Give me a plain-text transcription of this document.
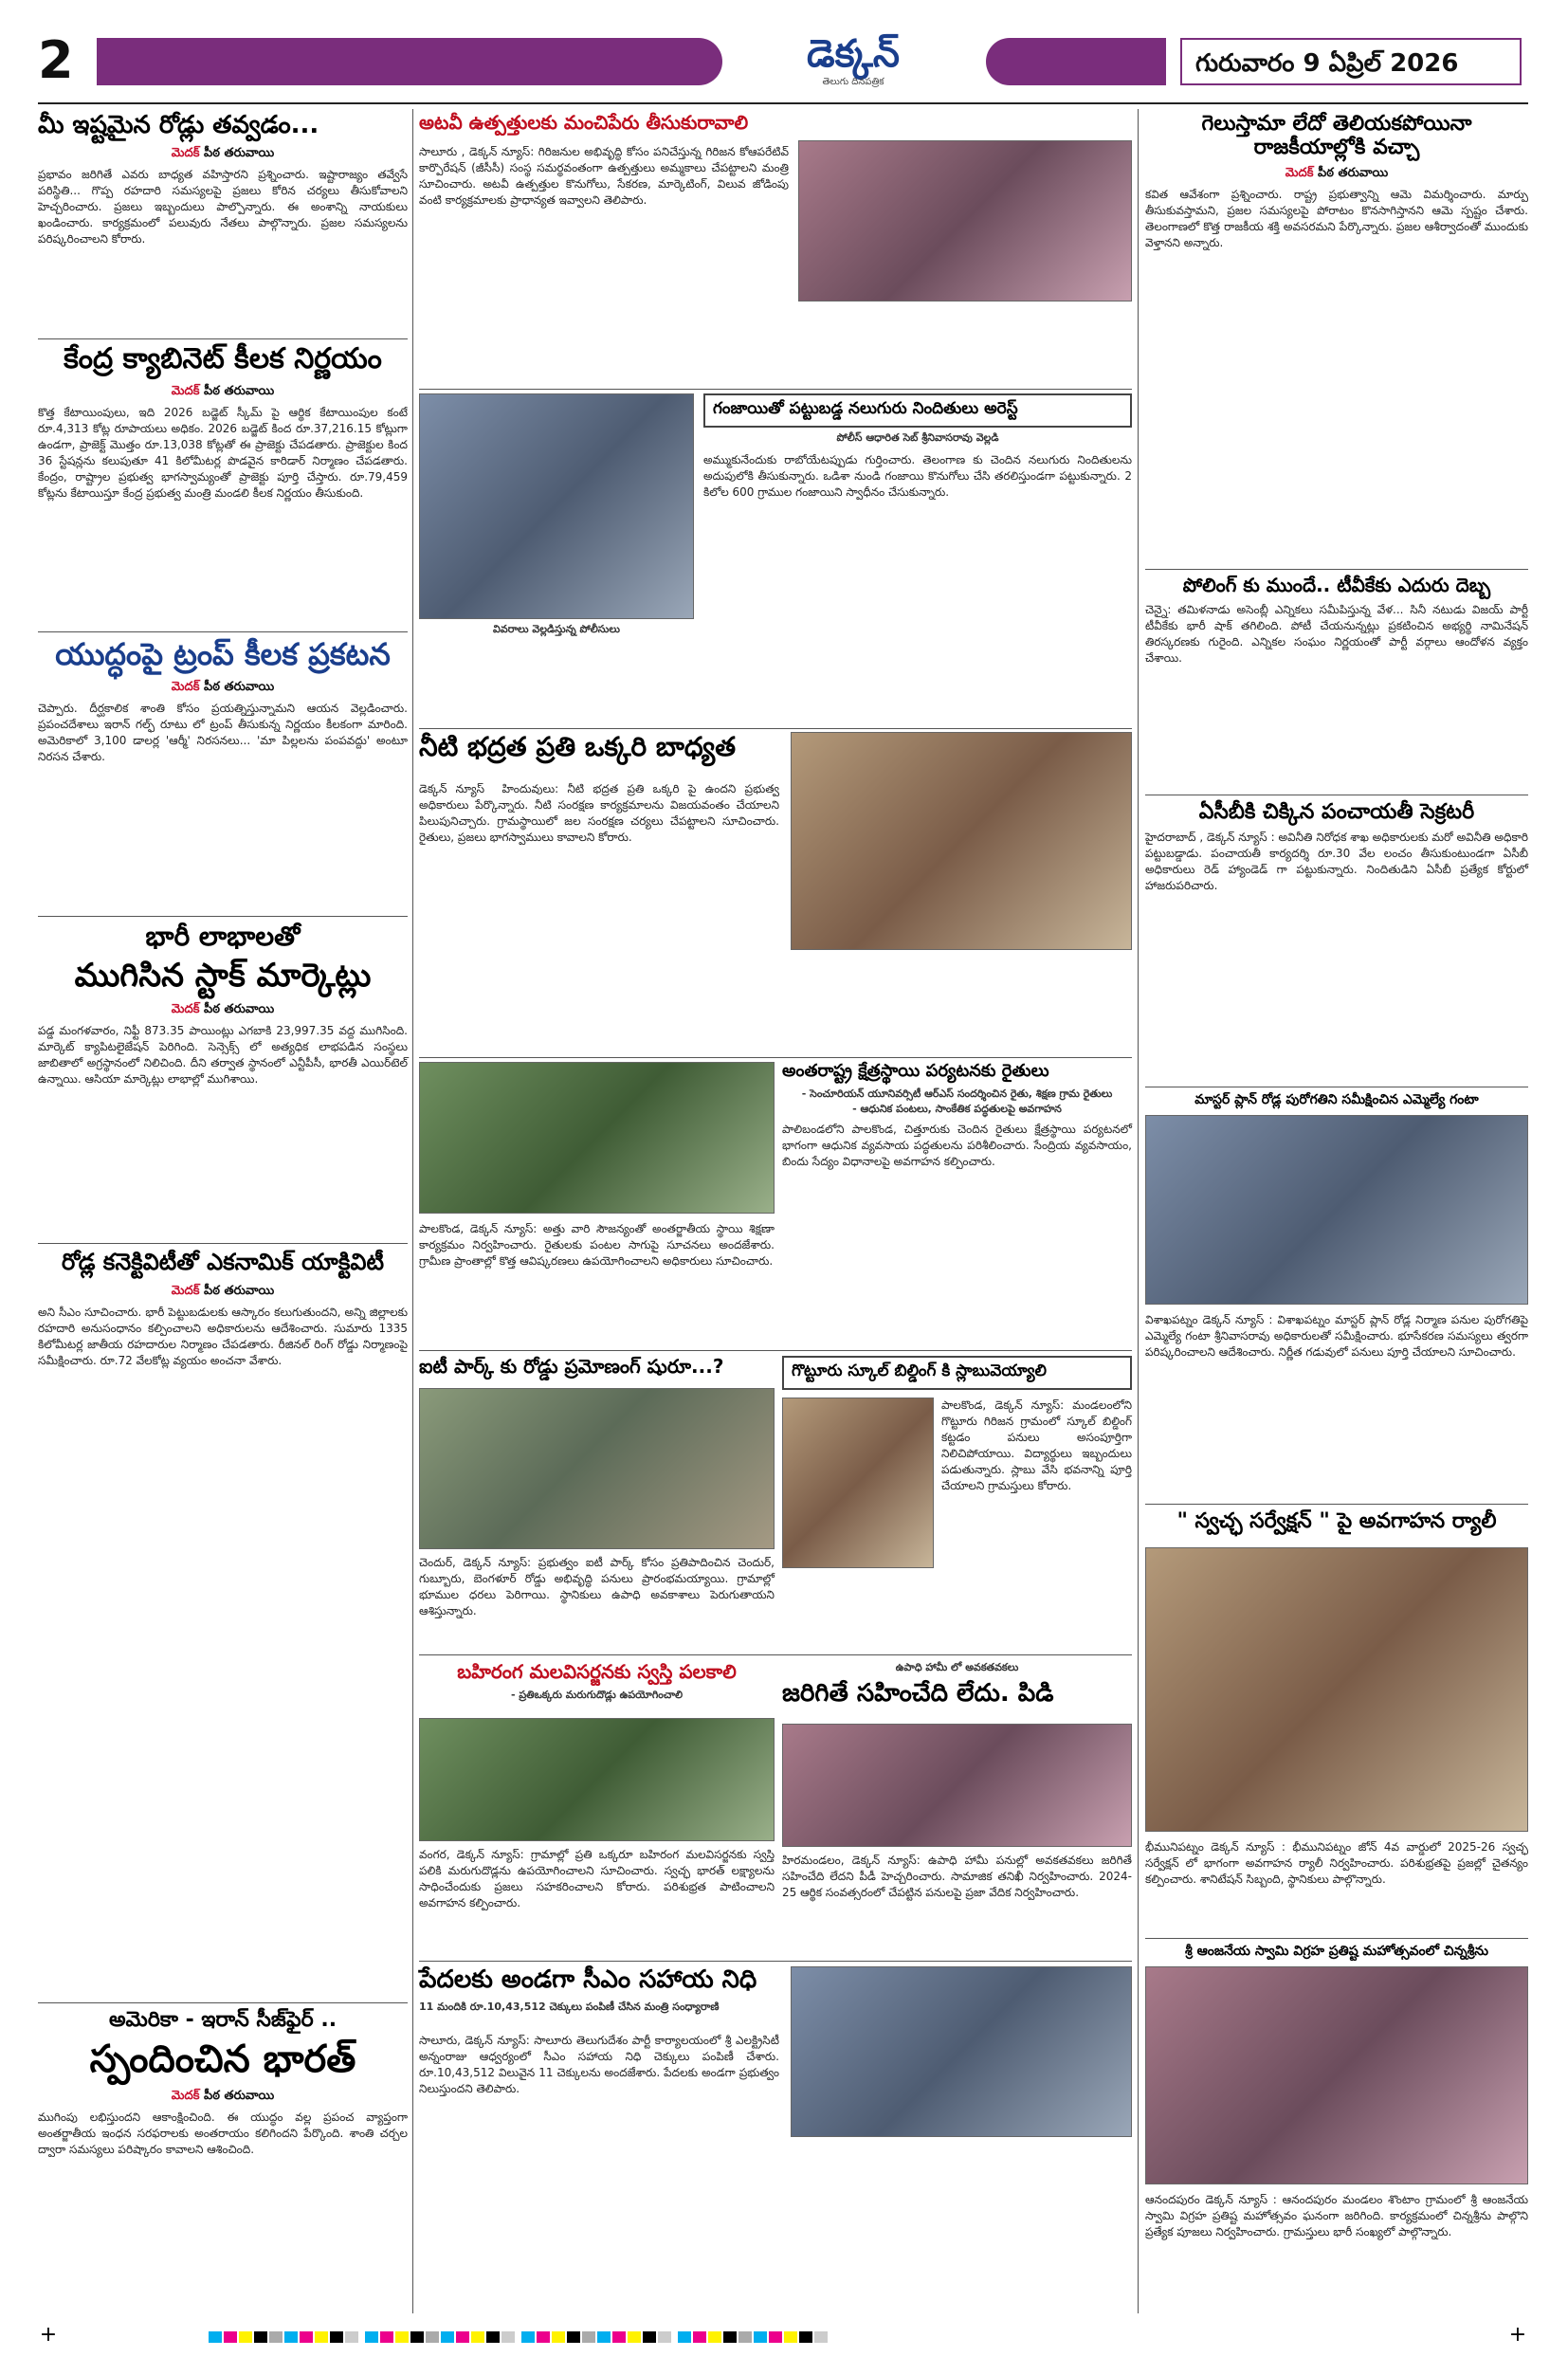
2	డెక్కన్
తెలుగు దినపత్రిక
గురువారం 9 ఏప్రిల్ 2026
మీ ఇష్టమైన రోడ్లు తవ్వడం...
మెదక్ పీఠ తరువాయి
ప్రభావం జరిగితే ఎవరు బాధ్యత వహిస్తారని ప్రశ్నించారు. ఇష్టారాజ్యం తవ్వేసే పరిస్థితి... గొప్ప రహదారి సమస్యలపై ప్రజలు కోరిన చర్యలు తీసుకోవాలని హెచ్చరించారు. ప్రజలు ఇబ్బందులు పాల్పొన్నారు. ఈ అంశాన్ని నాయకులు ఖండించారు. కార్యక్రమంలో పలువురు నేతలు పాల్గొన్నారు. ప్రజల సమస్యలను పరిష్కరించాలని కోరారు.
కేంద్ర క్యాబినెట్ కీలక నిర్ణయం
మెదక్ పీఠ తరువాయి
కొత్త కేటాయింపులు, ఇది 2026 బడ్జెట్ స్కీమ్ పై ఆర్థిక కేటాయింపుల కంటే రూ.4,313 కోట్ల రూపాయలు అధికం. 2026 బడ్జెట్ కింద రూ.37,216.15 కోట్లుగా ఉండగా, ప్రాజెక్ట్ మొత్తం రూ.13,038 కోట్లతో ఈ ప్రాజెక్టు చేపడతారు. ప్రాజెక్టుల కింద 36 స్టేషన్లను కలుపుతూ 41 కిలోమీటర్ల పొడవైన కారిడార్ నిర్మాణం చేపడతారు. కేంద్రం, రాష్ట్రాల ప్రభుత్వ భాగస్వామ్యంతో ప్రాజెక్టు పూర్తి చేస్తారు. రూ.79,459 కోట్లను కేటాయిస్తూ కేంద్ర ప్రభుత్వ మంత్రి మండలి కీలక నిర్ణయం తీసుకుంది.
యుద్ధంపై ట్రంప్ కీలక ప్రకటన
మెదక్ పీఠ తరువాయి
చెప్పారు. దీర్ఘకాలిక శాంతి కోసం ప్రయత్నిస్తున్నామని ఆయన వెల్లడించారు. ప్రపంచదేశాలు ఇరాన్ గల్ఫ్ రూటు లో ట్రంప్ తీసుకున్న నిర్ణయం కీలకంగా మారింది. అమెరికాలో 3,100 డాలర్ల 'ఆర్మీ' నిరసనలు... 'మా పిల్లలను పంపవద్దు' అంటూ నిరసన చేశారు.
భారీ లాభాలతో
ముగిసిన స్టాక్ మార్కెట్లు
మెదక్ పీఠ తరువాయి
పడ్డ మంగళవారం, నిఫ్టీ 873.35 పాయింట్లు ఎగబాకి 23,997.35 వద్ద ముగిసింది. మార్కెట్ క్యాపిటలైజేషన్ పెరిగింది. సెన్సెక్స్ లో అత్యధిక లాభపడిన సంస్థలు జాబితాలో అగ్రస్థానంలో నిలిచింది. దీని తర్వాత స్థానంలో ఎన్టీపీసీ, భారతీ ఎయిర్‌టెల్ ఉన్నాయి. ఆసియా మార్కెట్లు లాభాల్లో ముగిశాయి.
రోడ్ల కనెక్టివిటీతో ఎకనామిక్ యాక్టివిటీ
మెదక్ పీఠ తరువాయి
అని సీఎం సూచించారు. భారీ పెట్టుబడులకు ఆస్కారం కలుగుతుందని, అన్ని జిల్లాలకు రహదారి అనుసంధానం కల్పించాలని అధికారులను ఆదేశించారు. సుమారు 1335 కిలోమీటర్ల జాతీయ రహదారుల నిర్మాణం చేపడతారు. రీజినల్ రింగ్ రోడ్డు నిర్మాణంపై సమీక్షించారు. రూ.72 వేలకోట్ల వ్యయం అంచనా వేశారు.
అమెరికా - ఇరాన్ సీజ్‌ఫైర్ ..
స్పందించిన భారత్
మెదక్ పీఠ తరువాయి
ముగింపు లభిస్తుందని ఆకాంక్షించింది. ఈ యుద్ధం వల్ల ప్రపంచ వ్యాప్తంగా అంతర్జాతీయ ఇంధన సరఫరాలకు అంతరాయం కలిగిందని పేర్కొంది. శాంతి చర్చల ద్వారా సమస్యలు పరిష్కారం కావాలని ఆశించింది.
అటవీ ఉత్పత్తులకు మంచిపేరు తీసుకురావాలి
సాలూరు , డెక్కన్ న్యూస్: గిరిజనుల అభివృద్ధి కోసం పనిచేస్తున్న గిరిజన కోఆపరేటివ్ కార్పొరేషన్ (జీసీసీ) సంస్థ సమర్థవంతంగా ఉత్పత్తులు అమ్మకాలు చేపట్టాలని మంత్రి సూచించారు. అటవీ ఉత్పత్తుల కొనుగోలు, సేకరణ, మార్కెటింగ్, విలువ జోడింపు వంటి కార్యక్రమాలకు ప్రాధాన్యత ఇవ్వాలని తెలిపారు.
వివరాలు వెల్లడిస్తున్న పోలీసులు
గంజాయితో పట్టుబడ్డ నలుగురు నిందితులు అరెస్ట్
పోలీస్ ఆధారిత సెబ్ శ్రీనివాసరావు వెల్లడి
అమ్ముకునేందుకు రాబోయేటప్పుడు గుర్తించారు. తెలంగాణ కు చెందిన నలుగురు నిందితులను అదుపులోకి తీసుకున్నారు. ఒడిశా నుండి గంజాయి కొనుగోలు చేసి తరలిస్తుండగా పట్టుకున్నారు. 2 కిలోల 600 గ్రాముల గంజాయిని స్వాధీనం చేసుకున్నారు.
నీటి భద్రత ప్రతి ఒక్కరి బాధ్యత
డెక్కన్ న్యూస్ ‌ హిందువులు: నీటి భద్రత ప్రతి ఒక్కరి పై ఉందని ప్రభుత్వ అధికారులు పేర్కొన్నారు. నీటి సంరక్షణ కార్యక్రమాలను విజయవంతం చేయాలని పిలుపునిచ్చారు. గ్రామస్థాయిలో జల సంరక్షణ చర్యలు చేపట్టాలని సూచించారు. రైతులు, ప్రజలు భాగస్వాములు కావాలని కోరారు.
పాలకొండ, డెక్కన్ న్యూస్: అత్తు వారి సౌజన్యంతో అంతర్జాతీయ స్థాయి శిక్షణా కార్యక్రమం నిర్వహించారు. రైతులకు పంటల సాగుపై సూచనలు అందజేశారు. గ్రామీణ ప్రాంతాల్లో కొత్త ఆవిష్కరణలు ఉపయోగించాలని అధికారులు సూచించారు.
అంతరాష్ట్ర క్షేత్రస్థాయి పర్యటనకు రైతులు
- సెంచూరియన్ యూనివర్సిటీ ఆర్ఎస్ సందర్శించిన రైతు, శిక్షణ గ్రామ రైతులు
- ఆధునిక పంటలు, సాంకేతిక పద్ధతులపై అవగాహన
పాలిబండలోని పాలకొండ, చిత్తూరుకు చెందిన రైతులు క్షేత్రస్థాయి పర్యటనలో భాగంగా ఆధునిక వ్యవసాయ పద్ధతులను పరిశీలించారు. సేంద్రియ వ్యవసాయం, బిందు సేద్యం విధానాలపై అవగాహన కల్పించారు.
ఐటీ పార్క్ కు రోడ్డు ప్రమోణంగ్ షురూ...?
చెందుర్, డెక్కన్ న్యూస్: ప్రభుత్వం ఐటీ పార్క్ కోసం ప్రతిపాదించిన చెందుర్, గుబ్బూరు, బెంగళూర్ రోడ్డు అభివృద్ధి పనులు ప్రారంభమయ్యాయి. గ్రామాల్లో భూముల ధరలు పెరిగాయి. స్థానికులు ఉపాధి అవకాశాలు పెరుగుతాయని ఆశిస్తున్నారు.
గొట్టూరు స్కూల్ బిల్డింగ్ కి స్లాబువెయ్యాలి
పాలకొండ, డెక్కన్ న్యూస్: మండలంలోని గొట్టూరు గిరిజన గ్రామంలో స్కూల్ బిల్డింగ్ కట్టడం పనులు అసంపూర్తిగా నిలిచిపోయాయి. విద్యార్థులు ఇబ్బందులు పడుతున్నారు. స్లాబు వేసి భవనాన్ని పూర్తి చేయాలని గ్రామస్తులు కోరారు.
బహిరంగ మలవిసర్జనకు స్వస్తి పలకాలి
- ప్రతిఒక్కరు మరుగుదొడ్లు ఉపయోగించాలి
వంగర, డెక్కన్ న్యూస్: గ్రామాల్లో ప్రతి ఒక్కరూ బహిరంగ మలవిసర్జనకు స్వస్తి పలికి మరుగుదొడ్లను ఉపయోగించాలని సూచించారు. స్వచ్ఛ భారత్ లక్ష్యాలను సాధించేందుకు ప్రజలు సహకరించాలని కోరారు. పరిశుభ్రత పాటించాలని అవగాహన కల్పించారు.
ఉపాధి హామీ లో అవకతవకలు
జరిగితే సహించేది లేదు. పిడి
హిరమండలం, డెక్కన్ న్యూస్: ఉపాధి హామీ పనుల్లో అవకతవకలు జరిగితే సహించేది లేదని పీడీ హెచ్చరించారు. సామాజిక తనిఖీ నిర్వహించారు. 2024-25 ఆర్థిక సంవత్సరంలో చేపట్టిన పనులపై ప్రజా వేదిక నిర్వహించారు.
పేదలకు అండగా సీఎం సహాయ నిధి
11 మందికి రూ.10,43,512 చెక్కులు పంపిణీ చేసిన మంత్రి సంధ్యారాణి
సాలూరు, డెక్కన్ న్యూస్: సాలూరు తెలుగుదేశం పార్టీ కార్యాలయంలో శ్రీ ఎలక్ట్రిసిటీ అన్నంరాజు ఆధ్వర్యంలో సీఎం సహాయ నిధి చెక్కులు పంపిణీ చేశారు. రూ.10,43,512 విలువైన 11 చెక్కులను అందజేశారు. పేదలకు అండగా ప్రభుత్వం నిలుస్తుందని తెలిపారు.
గెలుస్తామా లేదో తెలియకపోయినా
రాజకీయాల్లోకి వచ్చా
మెదక్ పీఠ తరువాయి
కవిత ఆవేశంగా ప్రశ్నించారు. రాష్ట్ర ప్రభుత్వాన్ని ఆమె విమర్శించారు. మార్పు తీసుకువస్తామని, ప్రజల సమస్యలపై పోరాటం కొనసాగిస్తానని ఆమె స్పష్టం చేశారు. తెలంగాణలో కొత్త రాజకీయ శక్తి అవసరమని పేర్కొన్నారు. ప్రజల ఆశీర్వాదంతో ముందుకు వెళ్తానని అన్నారు.
పోలింగ్ కు ముందే.. టీవీకేకు ఎదురు దెబ్బ
చెన్నై: తమిళనాడు అసెంబ్లీ ఎన్నికలు సమీపిస్తున్న వేళ... సినీ నటుడు విజయ్ పార్టీ టీవీకేకు భారీ షాక్ తగిలింది. పోటీ చేయనున్నట్లు ప్రకటించిన అభ్యర్థి నామినేషన్ తిరస్కరణకు గురైంది. ఎన్నికల సంఘం నిర్ణయంతో పార్టీ వర్గాలు ఆందోళన వ్యక్తం చేశాయి.
ఏసీబీకి చిక్కిన పంచాయతీ సెక్రటరీ
హైదరాబాద్ , డెక్కన్ న్యూస్ : అవినీతి నిరోధక శాఖ అధికారులకు మరో అవినీతి అధికారి పట్టుబడ్డాడు. పంచాయతీ కార్యదర్శి రూ.30 వేల లంచం తీసుకుంటుండగా ఏసీబీ అధికారులు రెడ్ హ్యాండెడ్ గా పట్టుకున్నారు. నిందితుడిని ఏసీబీ ప్రత్యేక కోర్టులో హాజరుపరిచారు.
మాస్టర్ ప్లాన్ రోడ్ల పురోగతిని సమీక్షించిన ఎమ్మెల్యే గంటా
విశాఖపట్నం డెక్కన్ న్యూస్ : విశాఖపట్నం మాస్టర్ ప్లాన్ రోడ్ల నిర్మాణ పనుల పురోగతిపై ఎమ్మెల్యే గంటా శ్రీనివాసరావు అధికారులతో సమీక్షించారు. భూసేకరణ సమస్యలు త్వరగా పరిష్కరించాలని ఆదేశించారు. నిర్ణీత గడువులో పనులు పూర్తి చేయాలని సూచించారు.
" స్వచ్ఛ సర్వేక్షన్ " పై అవగాహన ర్యాలీ
భీమునిపట్నం డెక్కన్ న్యూస్ : భీమునిపట్నం జోన్ 4వ వార్డులో 2025-26 స్వచ్ఛ సర్వేక్షన్ లో భాగంగా అవగాహన ర్యాలీ నిర్వహించారు. పరిశుభ్రతపై ప్రజల్లో చైతన్యం కల్పించారు. శానిటేషన్ సిబ్బంది, స్థానికులు పాల్గొన్నారు.
శ్రీ ఆంజనేయ స్వామి విగ్రహ ప్రతిష్ట మహోత్సవంలో చిన్నశ్రీను
ఆనందపురం డెక్కన్ న్యూస్ : ఆనందపురం మండలం శొంటాం గ్రామంలో శ్రీ ఆంజనేయ స్వామి విగ్రహ ప్రతిష్ట మహోత్సవం ఘనంగా జరిగింది. కార్యక్రమంలో చిన్నశ్రీను పాల్గొని ప్రత్యేక పూజలు నిర్వహించారు. గ్రామస్తులు భారీ సంఖ్యలో పాల్గొన్నారు.
+
	+
